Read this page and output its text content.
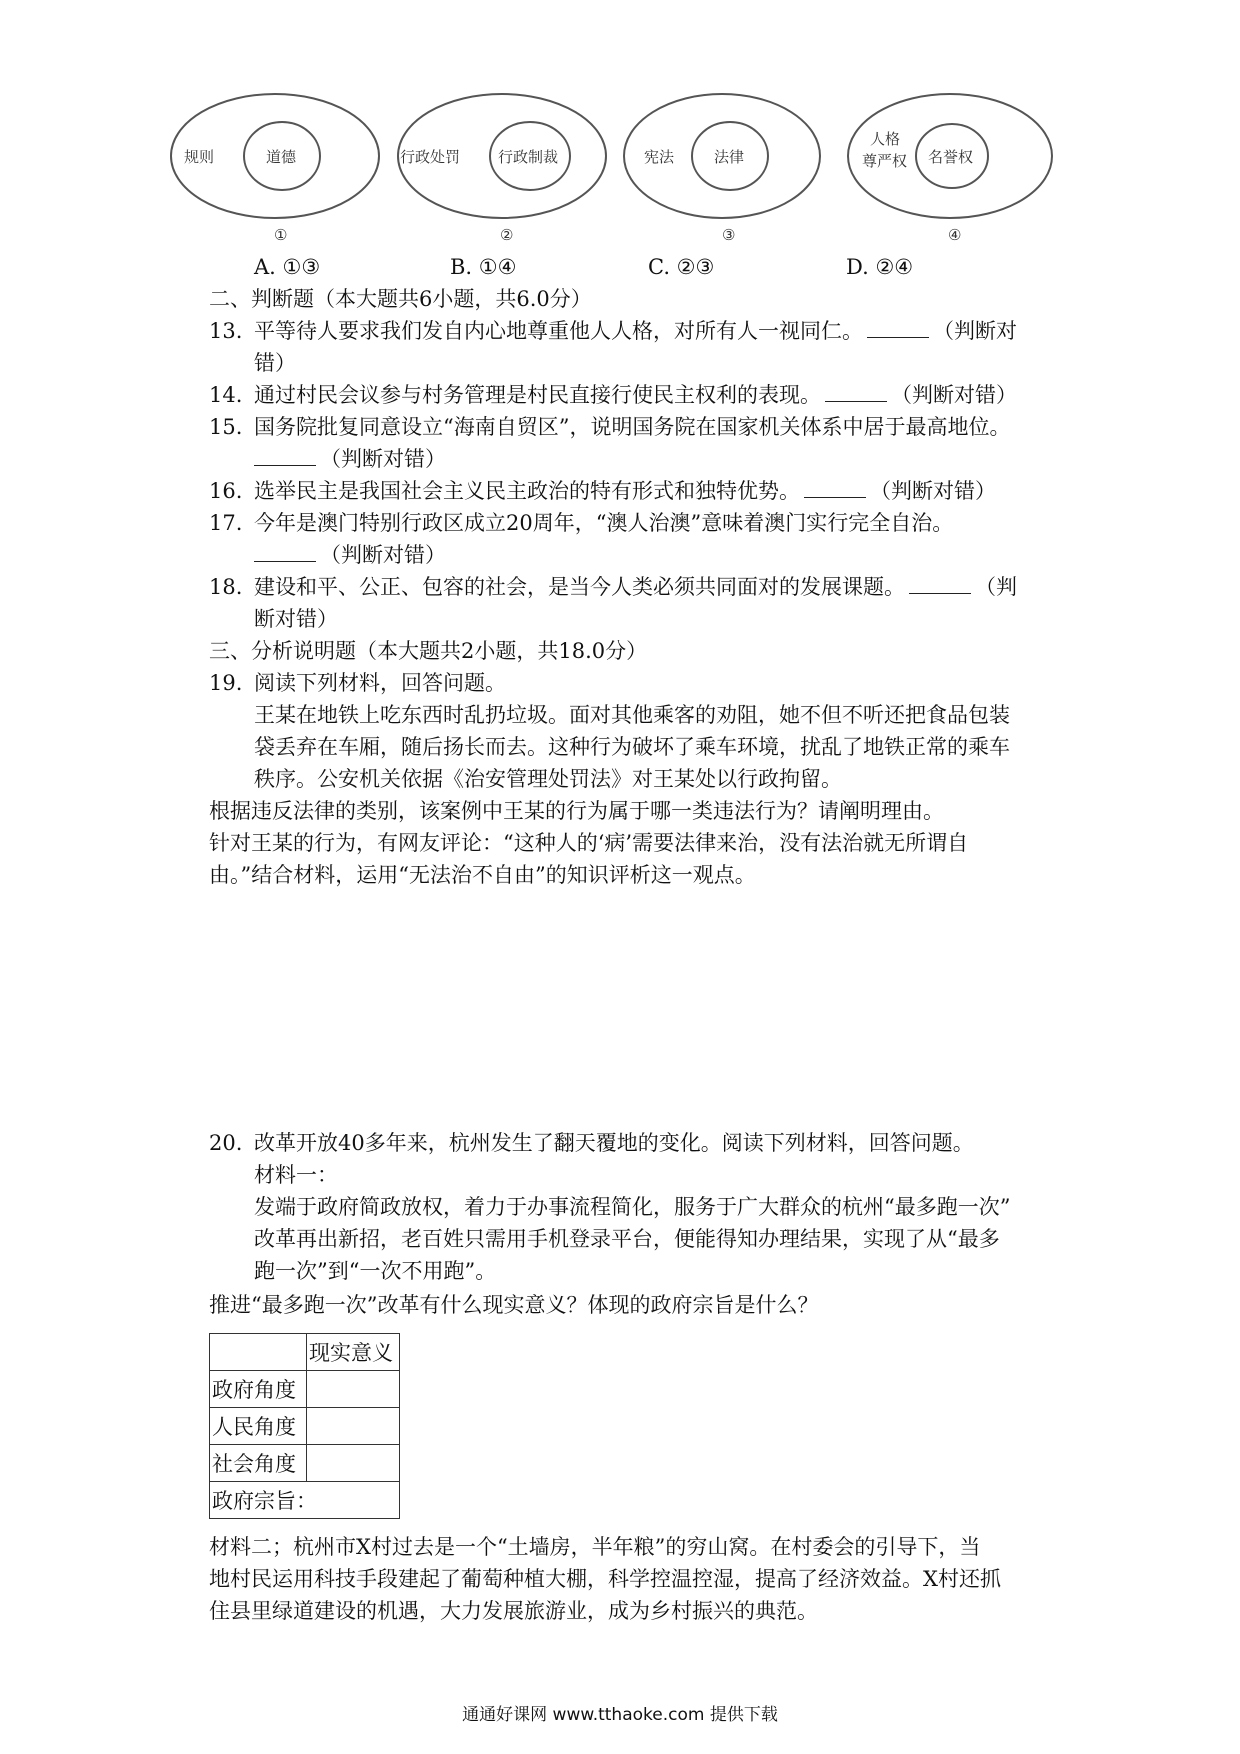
规则	道德	行政处罚	行政制裁	宪法	法律
人格
尊严权 名誉权
①	②	③	④
A. ①③	B. ①④	C. ②③	D. ②④
二、判断题（本大题共6小题，共6.0分）
13. 平等待人要求我们发自内心地尊重他人人格，对所有人一视同仁。	（判断对
错）
14. 通过村民会议参与村务管理是村民直接行使民主权利的表现。	（判断对错）
15. 国务院批复同意设立“海南自贸区”，说明国务院在国家机关体系中居于最高地位。
（判断对错）
16. 选举民主是我国社会主义民主政治的特有形式和独特优势。	（判断对错）
17. 今年是澳门特别行政区成立20周年，“澳人治澳”意味着澳门实行完全自治。
（判断对错）
18. 建设和平、公正、包容的社会，是当今人类必须共同面对的发展课题。	（判
断对错）
三、分析说明题（本大题共2小题，共18.0分）
19. 阅读下列材料，回答问题。
王某在地铁上吃东西时乱扔垃圾。面对其他乘客的劝阻，她不但不听还把食品包装
袋丢弃在车厢，随后扬长而去。这种行为破坏了乘车环境，扰乱了地铁正常的乘车
秩序。公安机关依据《治安管理处罚法》对王某处以行政拘留。
根据违反法律的类别，该案例中王某的行为属于哪一类违法行为？请阐明理由。
针对王某的行为，有网友评论：“这种人的‘病’需要法律来治，没有法治就无所谓自
由。”结合材料，运用“无法治不自由”的知识评析这一观点。
20. 改革开放40多年来，杭州发生了翻天覆地的变化。阅读下列材料，回答问题。
材料一：
发端于政府简政放权，着力于办事流程简化，服务于广大群众的杭州“最多跑一次”
改革再出新招，老百姓只需用手机登录平台，便能得知办理结果，实现了从“最多
跑一次”到“一次不用跑”。
推进“最多跑一次”改革有什么现实意义？体现的政府宗旨是什么？
	现实意义
政府角度	
人民角度	
社会角度	
政府宗旨：	
材料二；杭州市X村过去是一个“土墙房，半年粮”的穷山窝。在村委会的引导下，当
地村民运用科技手段建起了葡萄种植大棚，科学控温控湿，提高了经济效益。X村还抓
住县里绿道建设的机遇，大力发展旅游业，成为乡村振兴的典范。
通通好课网 www.tthaoke.com 提供下载
